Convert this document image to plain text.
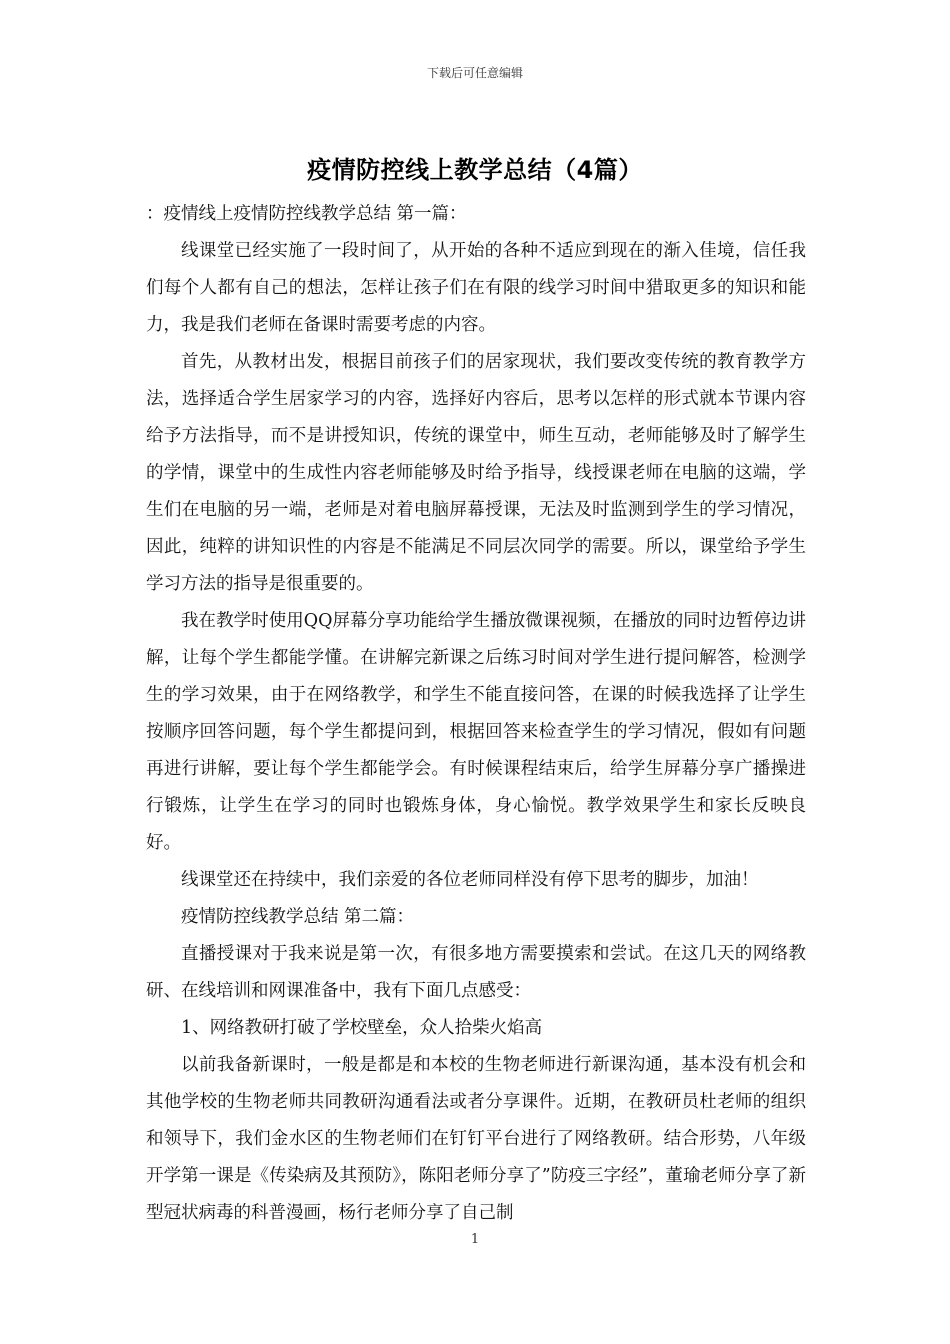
下载后可任意编辑
疫情防控线上教学总结（4篇）

：疫情线上疫情防控线教学总结 第一篇：

线课堂已经实施了一段时间了，从开始的各种不适应到现在的渐入佳境，信任我们每个人都有自己的想法，怎样让孩子们在有限的线学习时间中猎取更多的知识和能力，我是我们老师在备课时需要考虑的内容。

首先，从教材出发，根据目前孩子们的居家现状，我们要改变传统的教育教学方法，选择适合学生居家学习的内容，选择好内容后，思考以怎样的形式就本节课内容给予方法指导，而不是讲授知识，传统的课堂中，师生互动，老师能够及时了解学生的学情，课堂中的生成性内容老师能够及时给予指导，线授课老师在电脑的这端，学生们在电脑的另一端，老师是对着电脑屏幕授课，无法及时监测到学生的学习情况，因此，纯粹的讲知识性的内容是不能满足不同层次同学的需要。所以，课堂给予学生学习方法的指导是很重要的。

我在教学时使用QQ屏幕分享功能给学生播放微课视频，在播放的同时边暂停边讲解，让每个学生都能学懂。在讲解完新课之后练习时间对学生进行提问解答，检测学生的学习效果，由于在网络教学，和学生不能直接问答，在课的时候我选择了让学生按顺序回答问题，每个学生都提问到，根据回答来检查学生的学习情况，假如有问题再进行讲解，要让每个学生都能学会。有时候课程结束后，给学生屏幕分享广播操进行锻炼，让学生在学习的同时也锻炼身体，身心愉悦。教学效果学生和家长反映良好。

线课堂还在持续中，我们亲爱的各位老师同样没有停下思考的脚步，加油！

疫情防控线教学总结 第二篇：

直播授课对于我来说是第一次，有很多地方需要摸索和尝试。在这几天的网络教研、在线培训和网课准备中，我有下面几点感受：

1、网络教研打破了学校壁垒，众人拾柴火焰高

以前我备新课时，一般是都是和本校的生物老师进行新课沟通，基本没有机会和其他学校的生物老师共同教研沟通看法或者分享课件。近期，在教研员杜老师的组织和领导下，我们金水区的生物老师们在钉钉平台进行了网络教研。结合形势，八年级开学第一课是《传染病及其预防》，陈阳老师分享了”防疫三字经”，董瑜老师分享了新型冠状病毒的科普漫画，杨行老师分享了自己制

1
